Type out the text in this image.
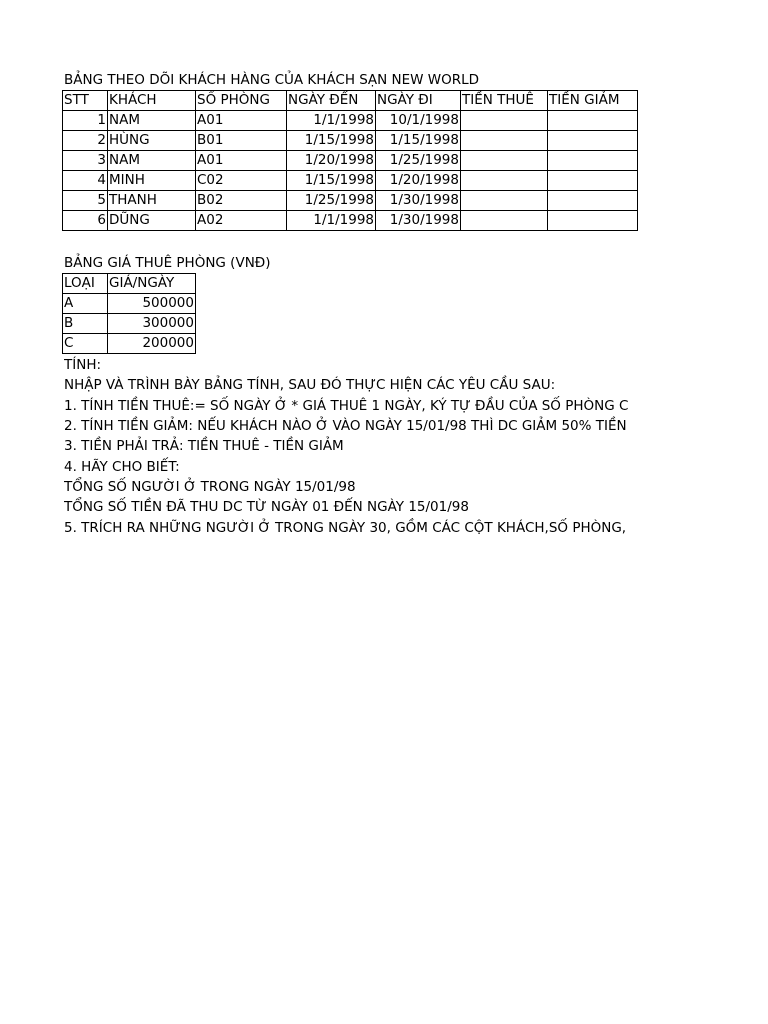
BẢNG THEO DÕI KHÁCH HÀNG CỦA KHÁCH SẠN NEW WORLD
STT	KHÁCH	SỐ PHÒNG	NGÀY ĐẾN	NGÀY ĐI	TIỀN THUÊ	TIỀN GIẢM
1	NAM	A01	1/1/1998	10/1/1998		
2	HÙNG	B01	1/15/1998	1/15/1998		
3	NAM	A01	1/20/1998	1/25/1998		
4	MINH	C02	1/15/1998	1/20/1998		
5	THANH	B02	1/25/1998	1/30/1998		
6	DŨNG	A02	1/1/1998	1/30/1998		
BẢNG GIÁ THUÊ PHÒNG (VNĐ)
LOẠI	GIÁ/NGÀY
A	500000
B	300000
C	200000
TÍNH:
NHẬP VÀ TRÌNH BÀY BẢNG TÍNH, SAU ĐÓ THỰC HIỆN CÁC YÊU CẦU SAU:
1. TÍNH TIỀN THUÊ:= SỐ NGÀY Ở * GIÁ THUÊ 1 NGÀY, KÝ TỰ ĐẦU CỦA SỐ PHÒNG C
2. TÍNH TIỀN GIẢM: NẾU KHÁCH NÀO Ở VÀO NGÀY 15/01/98 THÌ DC GIẢM 50% TIỀN
3. TIỀN PHẢI TRẢ: TIỀN THUÊ - TIỀN GIẢM
4. HÃY CHO BIẾT:
TỔNG SỐ NGƯỜI Ở TRONG NGÀY 15/01/98
TỔNG SỐ TIỀN ĐÃ THU DC TỪ NGÀY 01 ĐẾN NGÀY 15/01/98
5. TRÍCH RA NHỮNG NGƯỜI Ở TRONG NGÀY 30, GỒM CÁC CỘT KHÁCH,SỐ PHÒNG,
